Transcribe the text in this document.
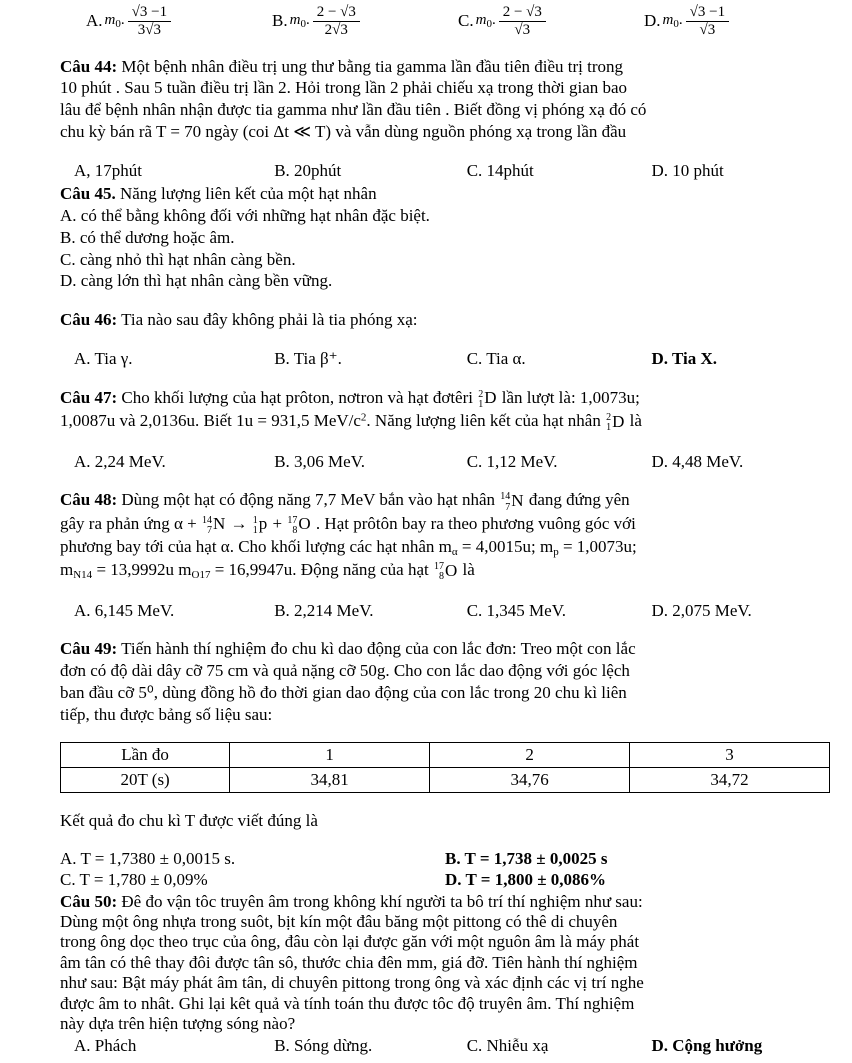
A. $m_0$. $\frac{√3 -1}{3√3}$	B. $m_0$. $\frac{2 - √3}{2√3}$	C. $m_0$. $\frac{2 - √3}{√3}$	D. $m_0$. $\frac{√3 -1}{√3}$

Câu 44: Một bệnh nhân điều trị ung thư bằng tia gamma lần đầu tiên điều trị trong
10 phút . Sau 5 tuần điều trị lần 2. Hỏi trong lần 2 phải chiếu xạ trong thời gian bao
lâu để bệnh nhân nhận được tia gamma như lần đầu tiên . Biết đồng vị phóng xạ đó có
chu kỳ bán rã T = 70 ngày (coi Δt ≪ T) và vẫn dùng nguồn phóng xạ trong lần đầu

A, 17phút	B. 20phút	C. 14phút	D. 10 phút

Câu 45. Năng lượng liên kết của một hạt nhân

A. có thể bằng không đối với những hạt nhân đặc biệt.

B. có thể dương hoặc âm.

C. càng nhỏ thì hạt nhân càng bền.

D. càng lớn thì hạt nhân càng bền vững.

Câu 46: Tia nào sau đây không phải là tia phóng xạ:

A. Tia γ.	B. Tia β⁺.	C. Tia α.	D. Tia X.

Câu 47: Cho khối lượng của hạt prôton, nơtron và hạt đơtêri 2
1 D lần lượt là: 1,0073u;
1,0087u và 2,0136u. Biết 1u = 931,5 MeV/$c^2$. Năng lượng liên kết của hạt nhân 2
1 D là

A. 2,24 MeV.	B. 3,06 MeV.	C. 1,12 MeV.	D. 4,48 MeV.

Câu 48: Dùng một hạt có động năng 7,7 MeV bắn vào hạt nhân 14
7 N đang đứng yên
gây ra phản ứng α + 14
7 N → 1
1 p + 17
8 O . Hạt prôtôn bay ra theo phương vuông góc với
phương bay tới của hạt α. Cho khối lượng các hạt nhân $m_\alpha = 4,0015u$; $m_p = 1,0073u$;
$m_{N14} = 13,9992u$ $m_{O17} = 16,9947u$. Động năng của hạt 17
8 O là

A. 6,145 MeV.	B. 2,214 MeV.	C. 1,345 MeV.	D. 2,075 MeV.

Câu 49: Tiến hành thí nghiệm đo chu kì dao động của con lắc đơn: Treo một con lắc
đơn có độ dài dây cỡ 75 cm và quả nặng cỡ 50g. Cho con lắc dao động với góc lệch
ban đầu cỡ 5⁰, dùng đồng hồ đo thời gian dao động của con lắc trong 20 chu kì liên
tiếp, thu được bảng số liệu sau:

Lần đo	1	2	3
20T (s)	34,81	34,76	34,72

Kết quả đo chu kì T được viết đúng là

A. T = 1,7380 ± 0,0015 s.	B. T = 1,738 ± 0,0025 s
C. T = 1,780 ± 0,09%	D. T = 1,800 ± 0,086%

Câu 50: Đê đo vận tôc truyên âm trong không khí người ta bô trí thí nghiệm như sau:
Dùng một ông nhựa trong suôt, bịt kín một đâu băng một pittong có thê di chuyên
trong ông dọc theo trục của ông, đâu còn lại được găn với một nguôn âm là máy phát
âm tân có thê thay đôi được tân sô, thước chia đên mm, giá đỡ. Tiên hành thí nghiệm
như sau: Bật máy phát âm tân, di chuyên pittong trong ông và xác định các vị trí nghe
được âm to nhât. Ghi lại kêt quả và tính toán thu được tôc độ truyên âm. Thí nghiệm
này dựa trên hiện tượng sóng nào?

A. Phách	B. Sóng dừng.	C. Nhiễu xạ	D. Cộng hưởng
